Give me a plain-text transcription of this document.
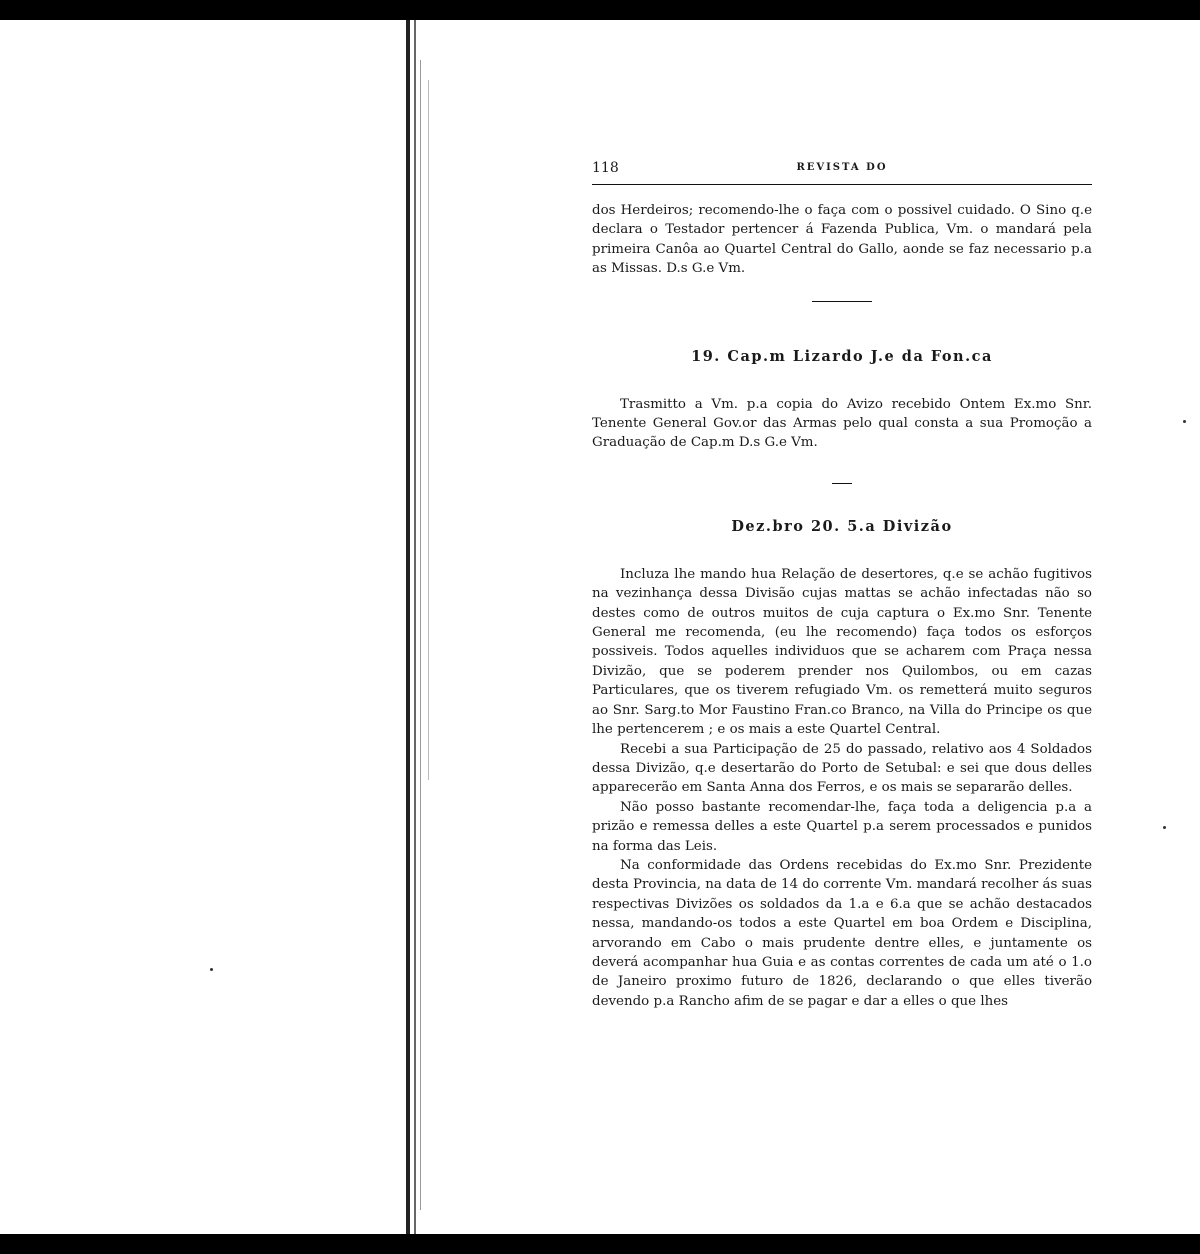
118	REVISTA DO

dos Herdeiros; recomendo-lhe o faça com o possivel cuidado. O Sino q.e declara o Testador pertencer á Fazenda Publica, Vm. o mandará pela primeira Canôa ao Quartel Central do Gallo, aonde se faz necessario p.a as Missas. D.s G.e Vm.

19. Cap.m Lizardo J.e da Fon.ca

Trasmitto a Vm. p.a copia do Avizo recebido Ontem Ex.mo Snr. Tenente General Gov.or das Armas pelo qual consta a sua Promoção a Graduação de Cap.m D.s G.e Vm.

Dez.bro 20. 5.a Divizão

Incluza lhe mando hua Relação de desertores, q.e se achão fugitivos na vezinhança dessa Divisão cujas mattas se achão infectadas não so destes como de outros muitos de cuja captura o Ex.mo Snr. Tenente General me recomenda, (eu lhe recomendo) faça todos os esforços possiveis. Todos aquelles individuos que se acharem com Praça nessa Divizão, que se poderem prender nos Quilombos, ou em cazas Particulares, que os tiverem refugiado Vm. os remetterá muito seguros ao Snr. Sarg.to Mor Faustino Fran.co Branco, na Villa do Principe os que lhe pertencerem ; e os mais a este Quartel Central.

Recebi a sua Participação de 25 do passado, relativo aos 4 Soldados dessa Divizão, q.e desertarão do Porto de Setubal: e sei que dous delles apparecerão em Santa Anna dos Ferros, e os mais se separarão delles.

Não posso bastante recomendar-lhe, faça toda a deligencia p.a a prizão e remessa delles a este Quartel p.a serem processados e punidos na forma das Leis.

Na conformidade das Ordens recebidas do Ex.mo Snr. Prezidente desta Provincia, na data de 14 do corrente Vm. mandará recolher ás suas respectivas Divizões os soldados da 1.a e 6.a que se achão destacados nessa, mandando-os todos a este Quartel em boa Ordem e Disciplina, arvorando em Cabo o mais prudente dentre elles, e juntamente os deverá acompanhar hua Guia e as contas correntes de cada um até o 1.o de Janeiro proximo futuro de 1826, declarando o que elles tiverão devendo p.a Rancho afim de se pagar e dar a elles o que lhes
